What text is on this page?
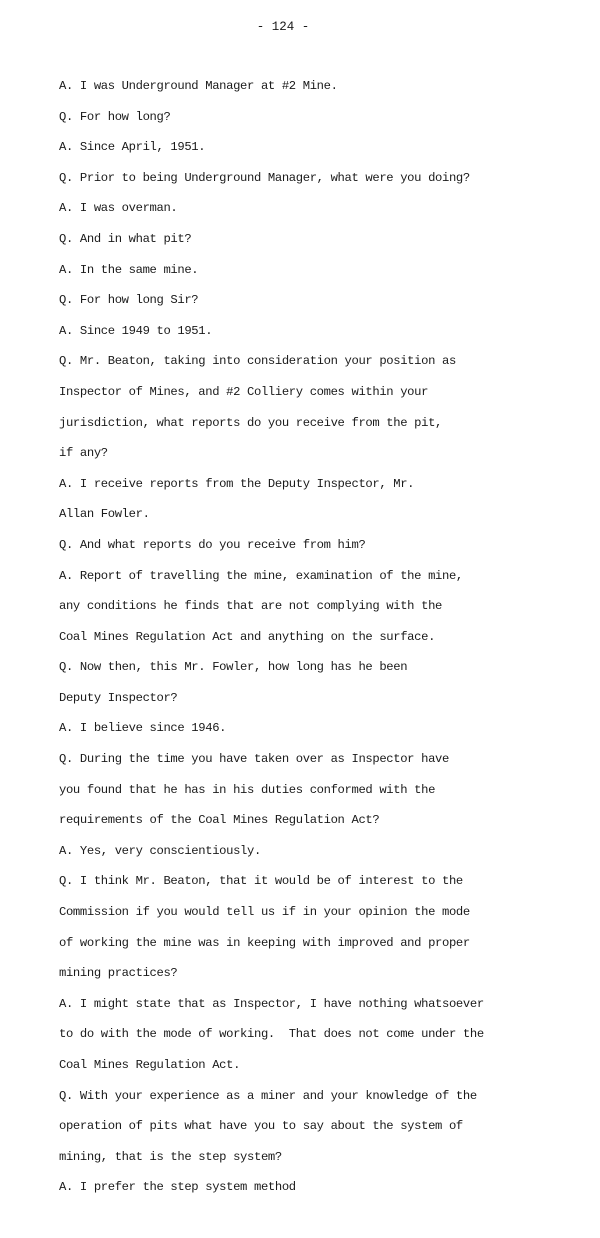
- 124 -
A. I was Underground Manager at #2 Mine.
Q. For how long?
A. Since April, 1951.
Q. Prior to being Underground Manager, what were you doing?
A. I was overman.
Q. And in what pit?
A. In the same mine.
Q. For how long Sir?
A. Since 1949 to 1951.
Q. Mr. Beaton, taking into consideration your position as
Inspector of Mines, and #2 Colliery comes within your
jurisdiction, what reports do you receive from the pit,
if any?
A. I receive reports from the Deputy Inspector, Mr.
Allan Fowler.
Q. And what reports do you receive from him?
A. Report of travelling the mine, examination of the mine,
any conditions he finds that are not complying with the
Coal Mines Regulation Act and anything on the surface.
Q. Now then, this Mr. Fowler, how long has he been
Deputy Inspector?
A. I believe since 1946.
Q. During the time you have taken over as Inspector have
you found that he has in his duties conformed with the
requirements of the Coal Mines Regulation Act?
A. Yes, very conscientiously.
Q. I think Mr. Beaton, that it would be of interest to the
Commission if you would tell us if in your opinion the mode
of working the mine was in keeping with improved and proper
mining practices?
A. I might state that as Inspector, I have nothing whatsoever
to do with the mode of working.  That does not come under the
Coal Mines Regulation Act.
Q. With your experience as a miner and your knowledge of the
operation of pits what have you to say about the system of
mining, that is the step system?
A. I prefer the step system method
